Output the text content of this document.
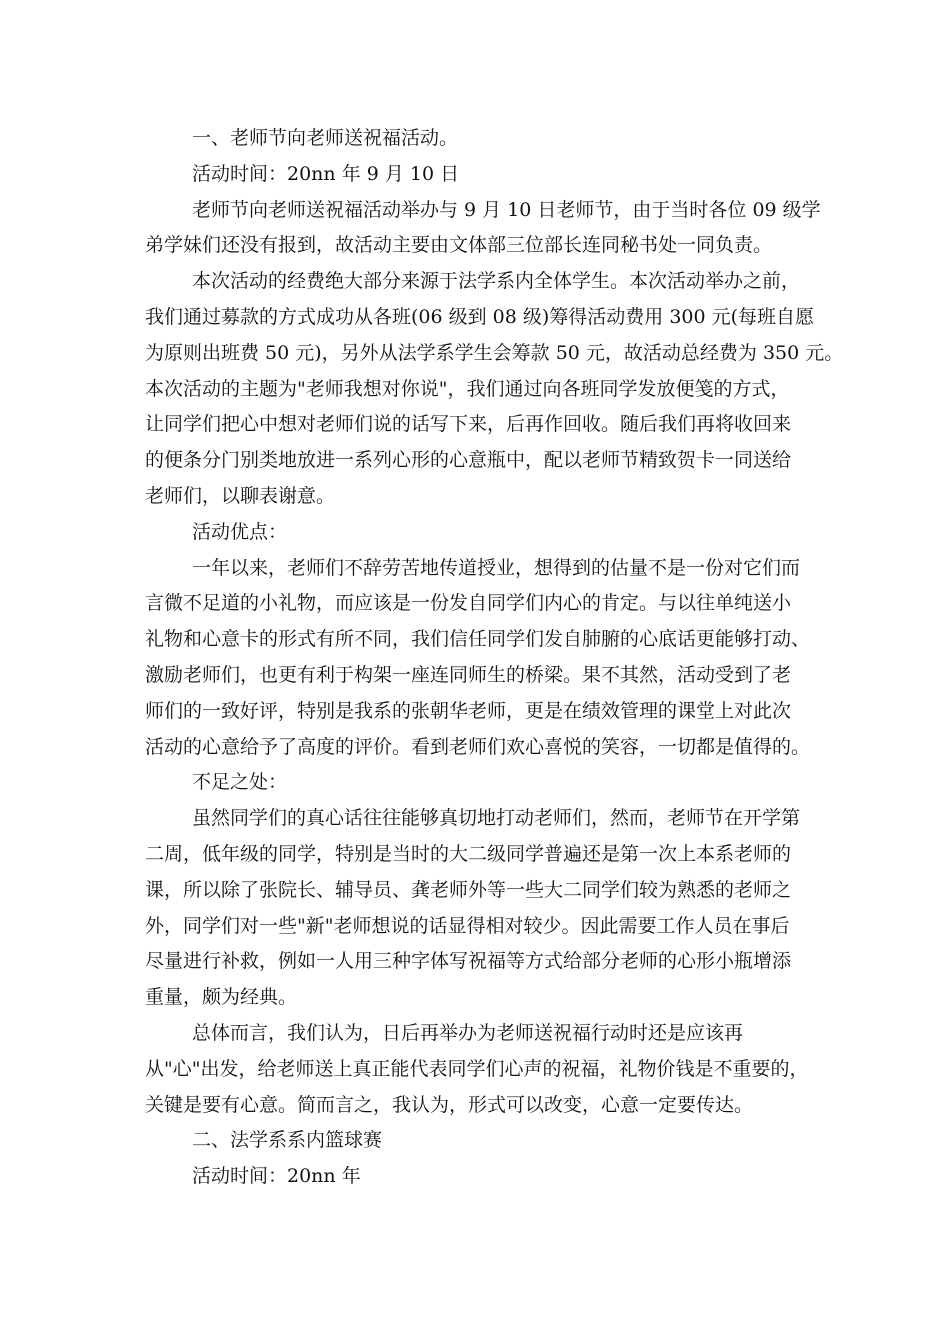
一、老师节向老师送祝福活动。
活动时间：20nn 年 9 月 10 日
老师节向老师送祝福活动举办与 9 月 10 日老师节，由于当时各位 09 级学
弟学妹们还没有报到，故活动主要由文体部三位部长连同秘书处一同负责。
本次活动的经费绝大部分来源于法学系内全体学生。本次活动举办之前，
我们通过募款的方式成功从各班(06 级到 08 级)筹得活动费用 300 元(每班自愿
为原则出班费 50 元)，另外从法学系学生会筹款 50 元，故活动总经费为 350 元。
本次活动的主题为"老师我想对你说"，我们通过向各班同学发放便笺的方式，
让同学们把心中想对老师们说的话写下来，后再作回收。随后我们再将收回来
的便条分门别类地放进一系列心形的心意瓶中，配以老师节精致贺卡一同送给
老师们，以聊表谢意。
活动优点：
一年以来，老师们不辞劳苦地传道授业，想得到的估量不是一份对它们而
言微不足道的小礼物，而应该是一份发自同学们内心的肯定。与以往单纯送小
礼物和心意卡的形式有所不同，我们信任同学们发自肺腑的心底话更能够打动、
激励老师们，也更有利于构架一座连同师生的桥梁。果不其然，活动受到了老
师们的一致好评，特别是我系的张朝华老师，更是在绩效管理的课堂上对此次
活动的心意给予了高度的评价。看到老师们欢心喜悦的笑容，一切都是值得的。
不足之处：
虽然同学们的真心话往往能够真切地打动老师们，然而，老师节在开学第
二周，低年级的同学，特别是当时的大二级同学普遍还是第一次上本系老师的
课，所以除了张院长、辅导员、龚老师外等一些大二同学们较为熟悉的老师之
外，同学们对一些"新"老师想说的话显得相对较少。因此需要工作人员在事后
尽量进行补救，例如一人用三种字体写祝福等方式给部分老师的心形小瓶增添
重量，颇为经典。
总体而言，我们认为，日后再举办为老师送祝福行动时还是应该再
从"心"出发，给老师送上真正能代表同学们心声的祝福，礼物价钱是不重要的，
关键是要有心意。简而言之，我认为，形式可以改变，心意一定要传达。
二、法学系系内篮球赛
活动时间：20nn 年
